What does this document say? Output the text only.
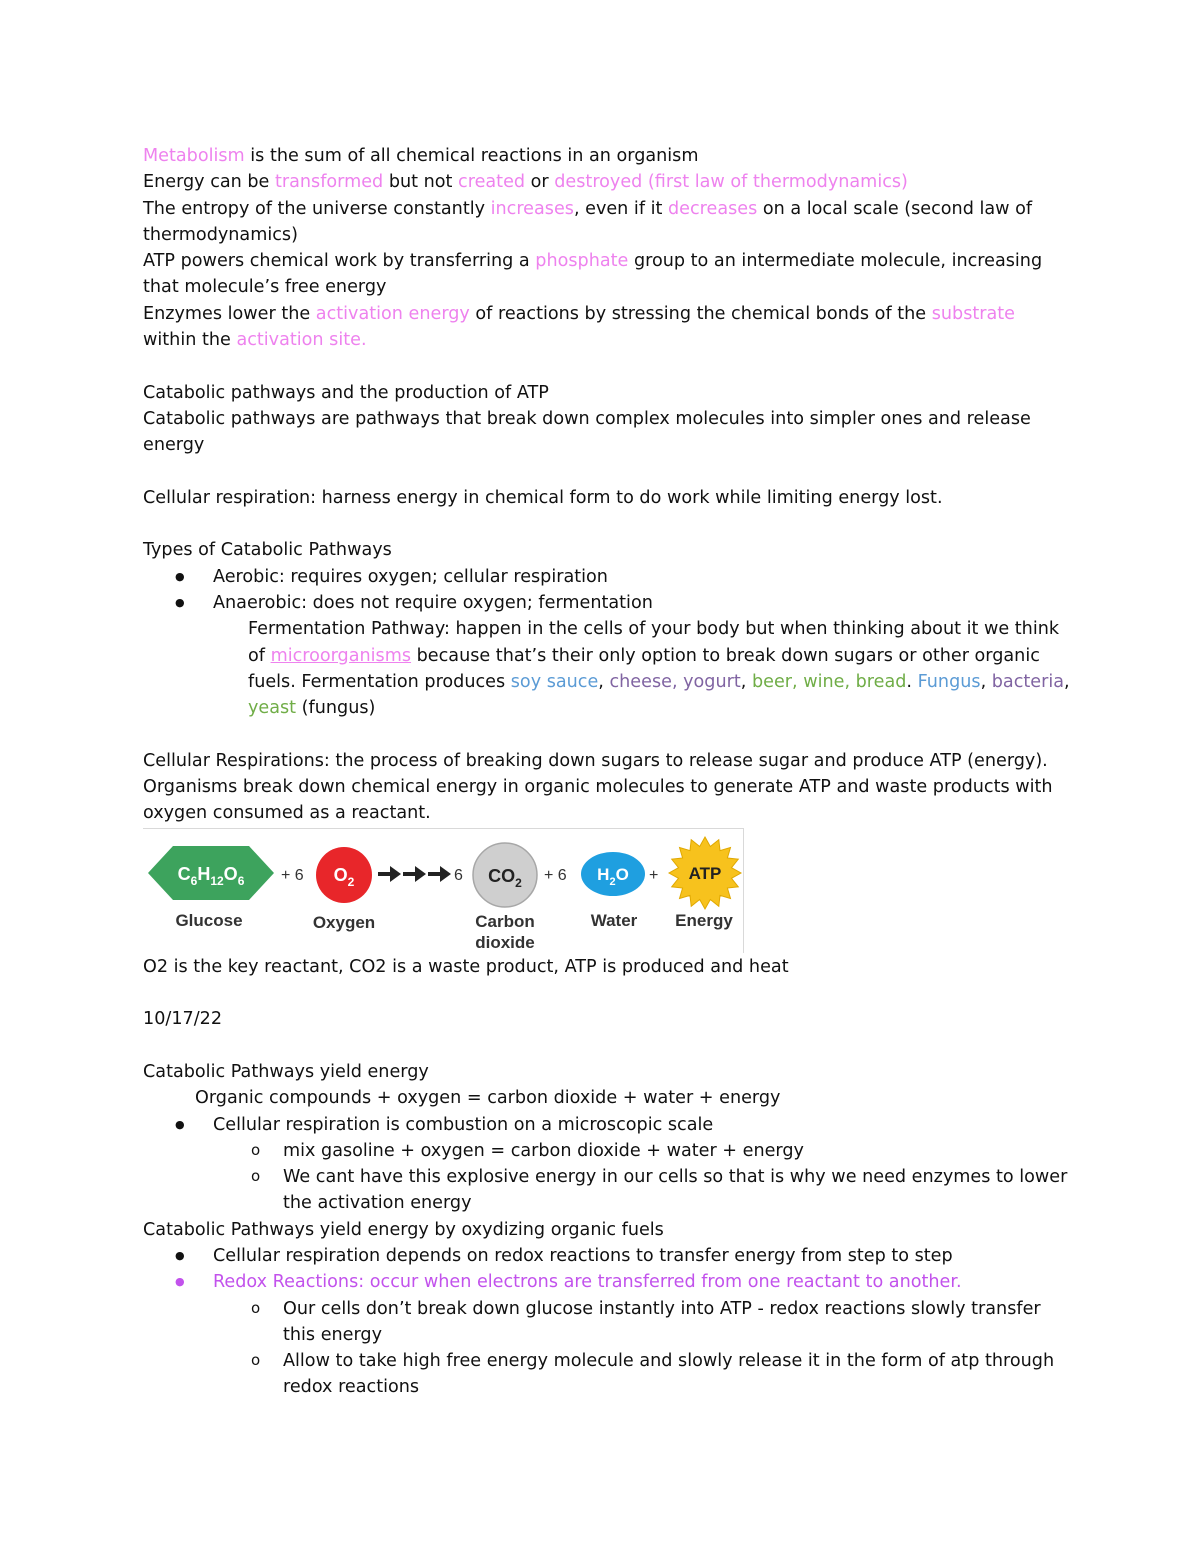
Metabolism is the sum of all chemical reactions in an organism
Energy can be transformed but not created or destroyed (first law of thermodynamics)
The entropy of the universe constantly increases, even if it decreases on a local scale (second law of thermodynamics)
ATP powers chemical work by transferring a phosphate group to an intermediate molecule, increasing that molecule’s free energy
Enzymes lower the activation energy of reactions by stressing the chemical bonds of the substrate within the activation site.
Catabolic pathways and the production of ATP
Catabolic pathways are pathways that break down complex molecules into simpler ones and release energy
Cellular respiration: harness energy in chemical form to do work while limiting energy lost.
Types of Catabolic Pathways
● Aerobic: requires oxygen; cellular respiration
● Anaerobic: does not require oxygen; fermentation
Fermentation Pathway: happen in the cells of your body but when thinking about it we think of microorganisms because that’s their only option to break down sugars or other organic fuels. Fermentation produces soy sauce, cheese, yogurt, beer, wine, bread. Fungus, bacteria, yeast (fungus)
Cellular Respirations: the process of breaking down sugars to release sugar and produce ATP (energy).
Organisms break down chemical energy in organic molecules to generate ATP and waste products with oxygen consumed as a reactant.
$C_6H_{12}O_6 + 6$ $O_2$	6 $CO_2 + 6$ $H_2O$ + ATP
Glucose	Oxygen	Carbon
dioxide
Water Energy
O2 is the key reactant, CO2 is a waste product, ATP is produced and heat
10/17/22
Catabolic Pathways yield energy
Organic compounds + oxygen = carbon dioxide + water + energy
● Cellular respiration is combustion on a microscopic scale
o mix gasoline + oxygen = carbon dioxide + water + energy
o We cant have this explosive energy in our cells so that is why we need enzymes to lower the activation energy
Catabolic Pathways yield energy by oxydizing organic fuels
● Cellular respiration depends on redox reactions to transfer energy from step to step
● Redox Reactions: occur when electrons are transferred from one reactant to another.
o Our cells don’t break down glucose instantly into ATP - redox reactions slowly transfer this energy
o Allow to take high free energy molecule and slowly release it in the form of atp through redox reactions
